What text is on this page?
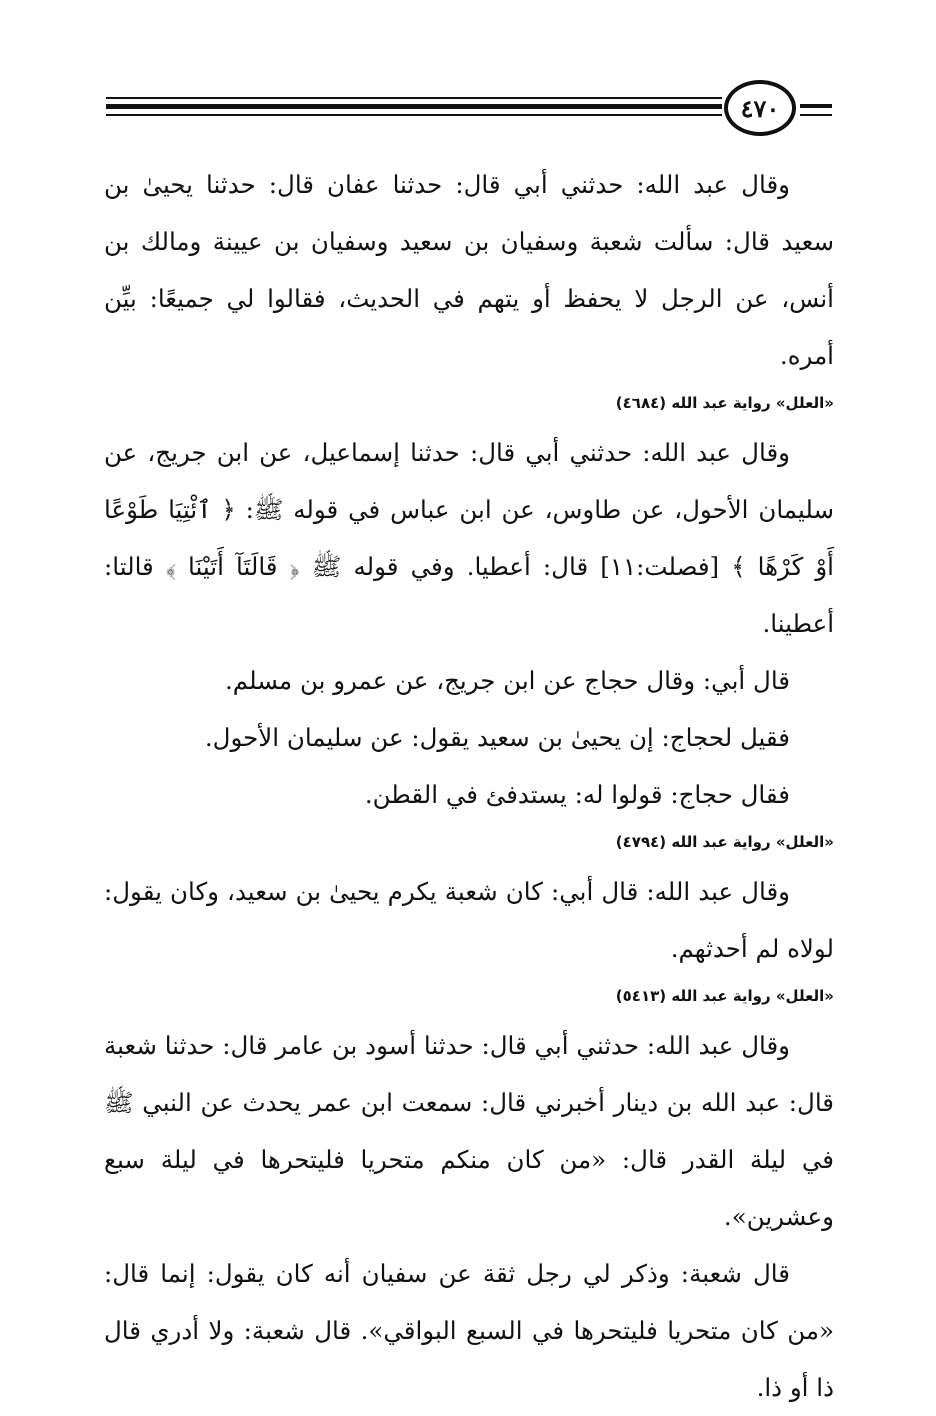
٤٧٠

وقال عبد الله: حدثني أبي قال: حدثنا عفان قال: حدثنا يحيىٰ بن سعيد قال: سألت شعبة وسفيان بن سعيد وسفيان بن عيينة ومالك بن أنس، عن الرجل لا يحفظ أو يتهم في الحديث، فقالوا لي جميعًا: بيِّن أمره.

«العلل» رواية عبد الله (٤٦٨٤)

وقال عبد الله: حدثني أبي قال: حدثنا إسماعيل، عن ابن جريج، عن سليمان الأحول، عن طاوس، عن ابن عباس في قوله ﷺ: ﴿ ٱئْتِيَا طَوْعًا أَوْ كَرْهًا ﴾ [فصلت:١١] قال: أعطيا. وفي قوله ﷺ ﴿ قَالَتَآ أَتَيْنَا ﴾ قالتا: أعطينا.

قال أبي: وقال حجاج عن ابن جريج، عن عمرو بن مسلم.

فقيل لحجاج: إن يحيىٰ بن سعيد يقول: عن سليمان الأحول.

فقال حجاج: قولوا له: يستدفئ في القطن.

«العلل» رواية عبد الله (٤٧٩٤)

وقال عبد الله: قال أبي: كان شعبة يكرم يحيىٰ بن سعيد، وكان يقول: لولاه لم أحدثهم.

«العلل» رواية عبد الله (٥٤١٣)

وقال عبد الله: حدثني أبي قال: حدثنا أسود بن عامر قال: حدثنا شعبة قال: عبد الله بن دينار أخبرني قال: سمعت ابن عمر يحدث عن النبي ﷺ في ليلة القدر قال: «من كان منكم متحريا فليتحرها في ليلة سبع وعشرين».

قال شعبة: وذكر لي رجل ثقة عن سفيان أنه كان يقول: إنما قال: «من كان متحريا فليتحرها في السبع البواقي». قال شعبة: ولا أدري قال ذا أو ذا.
